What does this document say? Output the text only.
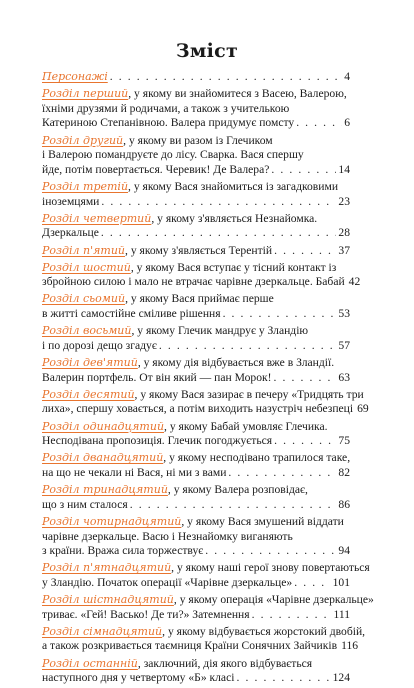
Зміст
Персонажі . . .	4
Розділ перший, у якому ви знайомитеся з Васею, Валерою,
їхніми друзями й родичами, а також з учителькою
Катериною Степанівною. Валера придумує помсту . . .	6
Розділ другий, у якому ви разом із Глечиком
і Валерою помандруєте до лісу. Сварка. Вася спершу
йде, потім повертається. Черевик! Де Валера? . . .	14
Розділ третій, у якому Вася знайомиться із загадковими
іноземцями . . .	23
Розділ четвертий, у якому з'являється Незнайомка.
Дзеркальце . . .	28
Розділ п'ятий, у якому з'являється Терентій . . .	37
Розділ шостий, у якому Вася вступає у тісний контакт із
збройною силою і мало не втрачає чарівне дзеркальце. Бабай 42
Розділ сьомий, у якому Вася приймає перше
в житті самостійне сміливе рішення . . .	53
Розділ восьмий, у якому Глечик мандрує у Зландію
і по дорозі дещо згадує . . .	57
Розділ дев'ятий, у якому дія відбувається вже в Зландії.
Валерин портфель. От він який — пан Морок! . . .	63
Розділ десятий, у якому Вася зазирає в печеру «Тридцять три
лиха», спершу ховається, а потім виходить назустріч небезпеці 69
Розділ одинадцятий, у якому Бабай умовляє Глечика.
Несподівана пропозиція. Глечик погоджується . . .	75
Розділ дванадцятий, у якому несподівано трапилося таке,
на що не чекали ні Вася, ні ми з вами . . .	82
Розділ тринадцятий, у якому Валера розповідає,
що з ним сталося . . .	86
Розділ чотирнадцятий, у якому Вася змушений віддати
чарівне дзеркальце. Васю і Незнайомку виганяють
з країни. Вража сила торжествує . . .	94
Розділ п'ятнадцятий, у якому наші герої знову повертаються
у Зландію. Початок операції «Чарівне дзеркальце» . . .	101
Розділ шістнадцятий, у якому операція «Чарівне дзеркальце»
триває. «Гей! Васько! Де ти?» Затемнення . . .	111
Розділ сімнадцятий, у якому відбувається жорстокий двобій,
а також розкривається таємниця Країни Сонячних Зайчиків 116
Розділ останній, заключний, дія якого відбувається
наступного дня у четвертому «Б» класі . . .	124
